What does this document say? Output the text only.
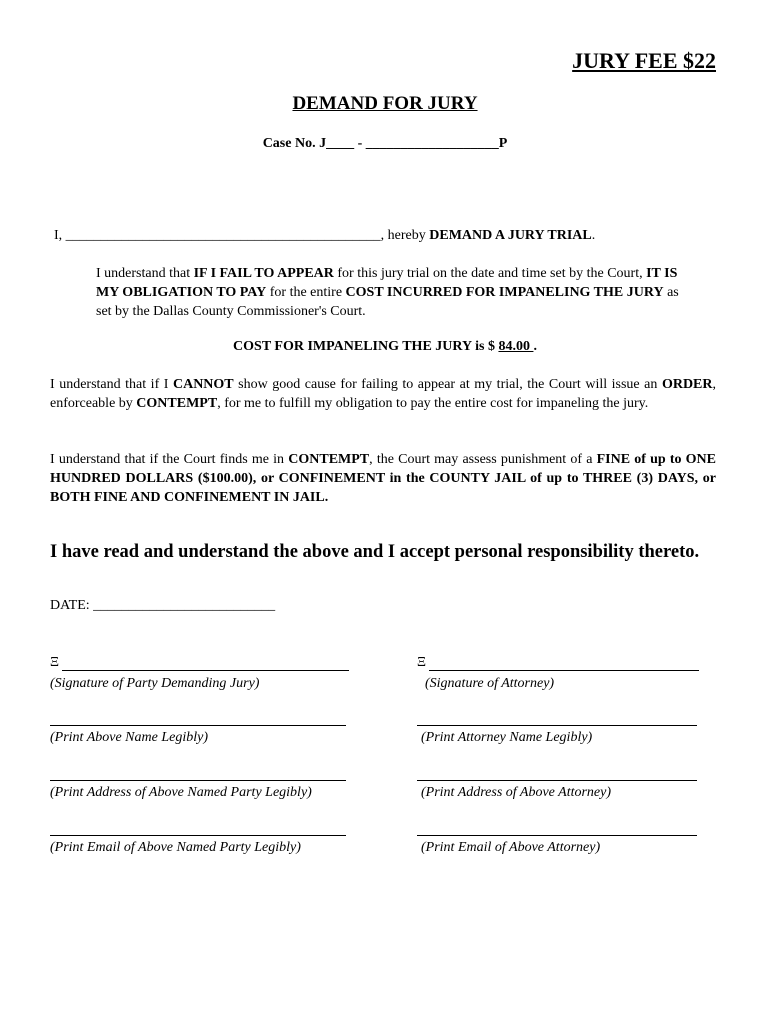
JURY FEE $22
DEMAND FOR JURY
Case No. J____ - ___________________P
I, _____________________________________________, hereby DEMAND A JURY TRIAL.
I understand that IF I FAIL TO APPEAR for this jury trial on the date and time set by the Court, IT IS MY OBLIGATION TO PAY for the entire COST INCURRED FOR IMPANELING THE JURY as set by the Dallas County Commissioner's Court.
COST FOR IMPANELING THE JURY is $ 84.00 .
I understand that if I CANNOT show good cause for failing to appear at my trial, the Court will issue an ORDER, enforceable by CONTEMPT, for me to fulfill my obligation to pay the entire cost for impaneling the jury.
I understand that if the Court finds me in CONTEMPT, the Court may assess punishment of a FINE of up to ONE HUNDRED DOLLARS ($100.00), or CONFINEMENT in the COUNTY JAIL of up to THREE (3) DAYS, or BOTH FINE AND CONFINEMENT IN JAIL.
I have read and understand the above and I accept personal responsibility thereto.
DATE: __________________________
Ξ
(Signature of Party Demanding Jury)
(Print Above Name Legibly)
(Print Address of Above Named Party Legibly)
(Print Email of Above Named Party Legibly)
Ξ
(Signature of Attorney)
(Print Attorney Name Legibly)
(Print Address of Above Attorney)
(Print Email of Above Attorney)
